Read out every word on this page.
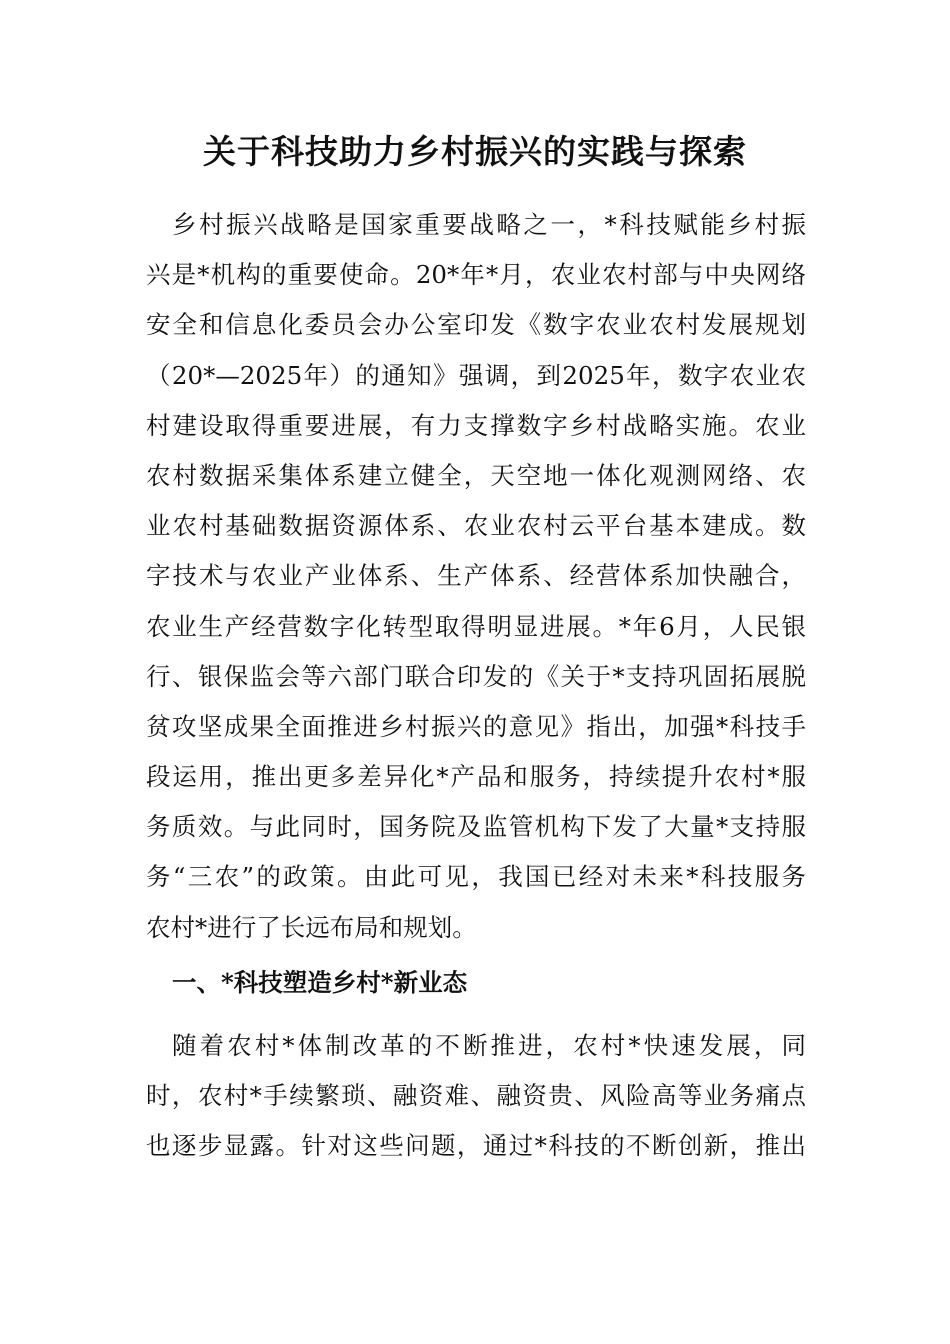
关于科技助力乡村振兴的实践与探索
乡村振兴战略是国家重要战略之一，*科技赋能乡村振
兴是*机构的重要使命。20*年*月，农业农村部与中央网络
安全和信息化委员会办公室印发《数字农业农村发展规划
（20*—2025年）的通知》强调，到2025年，数字农业农
村建设取得重要进展，有力支撑数字乡村战略实施。农业
农村数据采集体系建立健全，天空地一体化观测网络、农
业农村基础数据资源体系、农业农村云平台基本建成。数
字技术与农业产业体系、生产体系、经营体系加快融合，
农业生产经营数字化转型取得明显进展。*年6月，人民银
行、银保监会等六部门联合印发的《关于*支持巩固拓展脱
贫攻坚成果全面推进乡村振兴的意见》指出，加强*科技手
段运用，推出更多差异化*产品和服务，持续提升农村*服
务质效。与此同时，国务院及监管机构下发了大量*支持服
务“三农”的政策。由此可见，我国已经对未来*科技服务
农村*进行了长远布局和规划。
一、*科技塑造乡村*新业态
随着农村*体制改革的不断推进，农村*快速发展，同
时，农村*手续繁琐、融资难、融资贵、风险高等业务痛点
也逐步显露。针对这些问题，通过*科技的不断创新，推出
